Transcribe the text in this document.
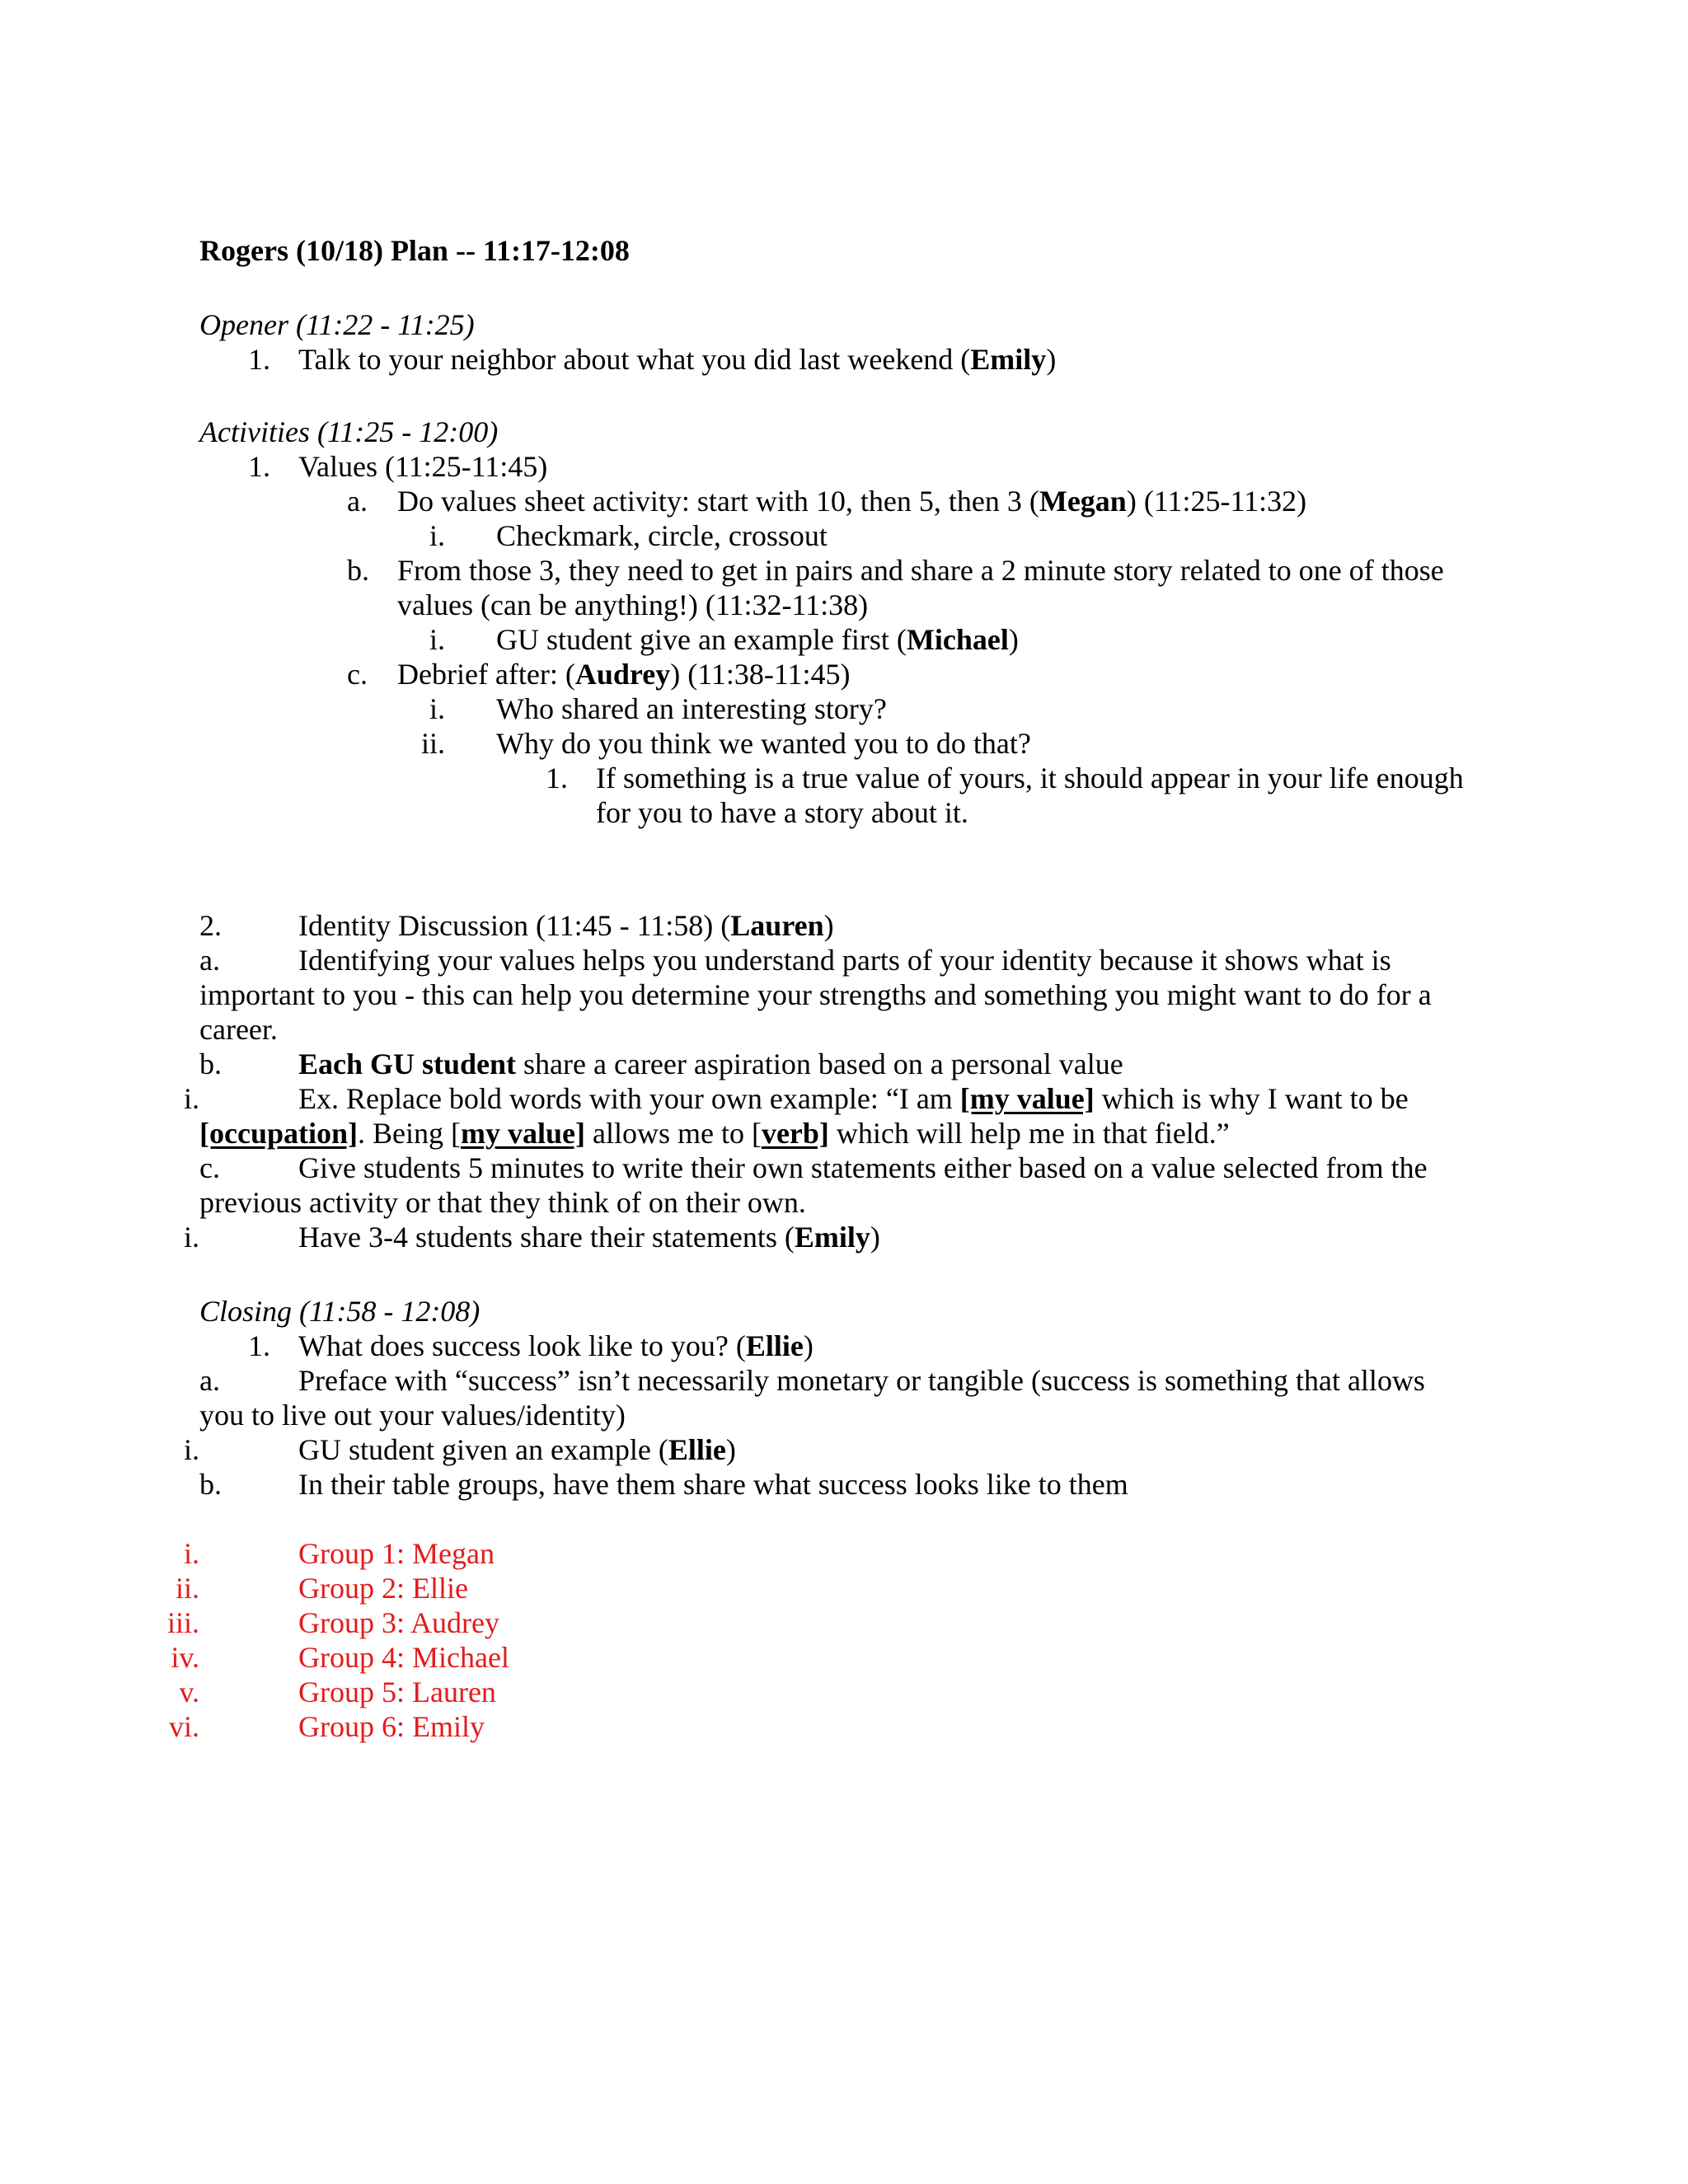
Rogers (10/18) Plan -- 11:17-12:08
Opener (11:22 - 11:25)
1. Talk to your neighbor about what you did last weekend (Emily)
Activities (11:25 - 12:00)
1. Values (11:25-11:45)
a. Do values sheet activity: start with 10, then 5, then 3 (Megan) (11:25-11:32)
i. Checkmark, circle, crossout
b. From those 3, they need to get in pairs and share a 2 minute story related to one of those
values (can be anything!) (11:32-11:38)
i. GU student give an example first (Michael)
c. Debrief after: (Audrey) (11:38-11:45)
i. Who shared an interesting story?
ii. Why do you think we wanted you to do that?
1. If something is a true value of yours, it should appear in your life enough
for you to have a story about it.
2.	Identity Discussion (11:45 - 11:58) (Lauren)
a.	Identifying your values helps you understand parts of your identity because it shows what is
important to you - this can help you determine your strengths and something you might want to do for a
career.
b.	Each GU student share a career aspiration based on a personal value
i.	Ex. Replace bold words with your own example: “I am [my value] which is why I want to be
[occupation]. Being [my value] allows me to [verb] which will help me in that field.”
c.	Give students 5 minutes to write their own statements either based on a value selected from the
previous activity or that they think of on their own.
i.	Have 3-4 students share their statements (Emily)
Closing (11:58 - 12:08)
1. What does success look like to you? (Ellie)
a.	Preface with “success” isn’t necessarily monetary or tangible (success is something that allows
you to live out your values/identity)
i.	GU student given an example (Ellie)
b.	In their table groups, have them share what success looks like to them
i.	Group 1: Megan
ii.	Group 2: Ellie
iii.	Group 3: Audrey
iv.	Group 4: Michael
v.	Group 5: Lauren
vi.	Group 6: Emily
